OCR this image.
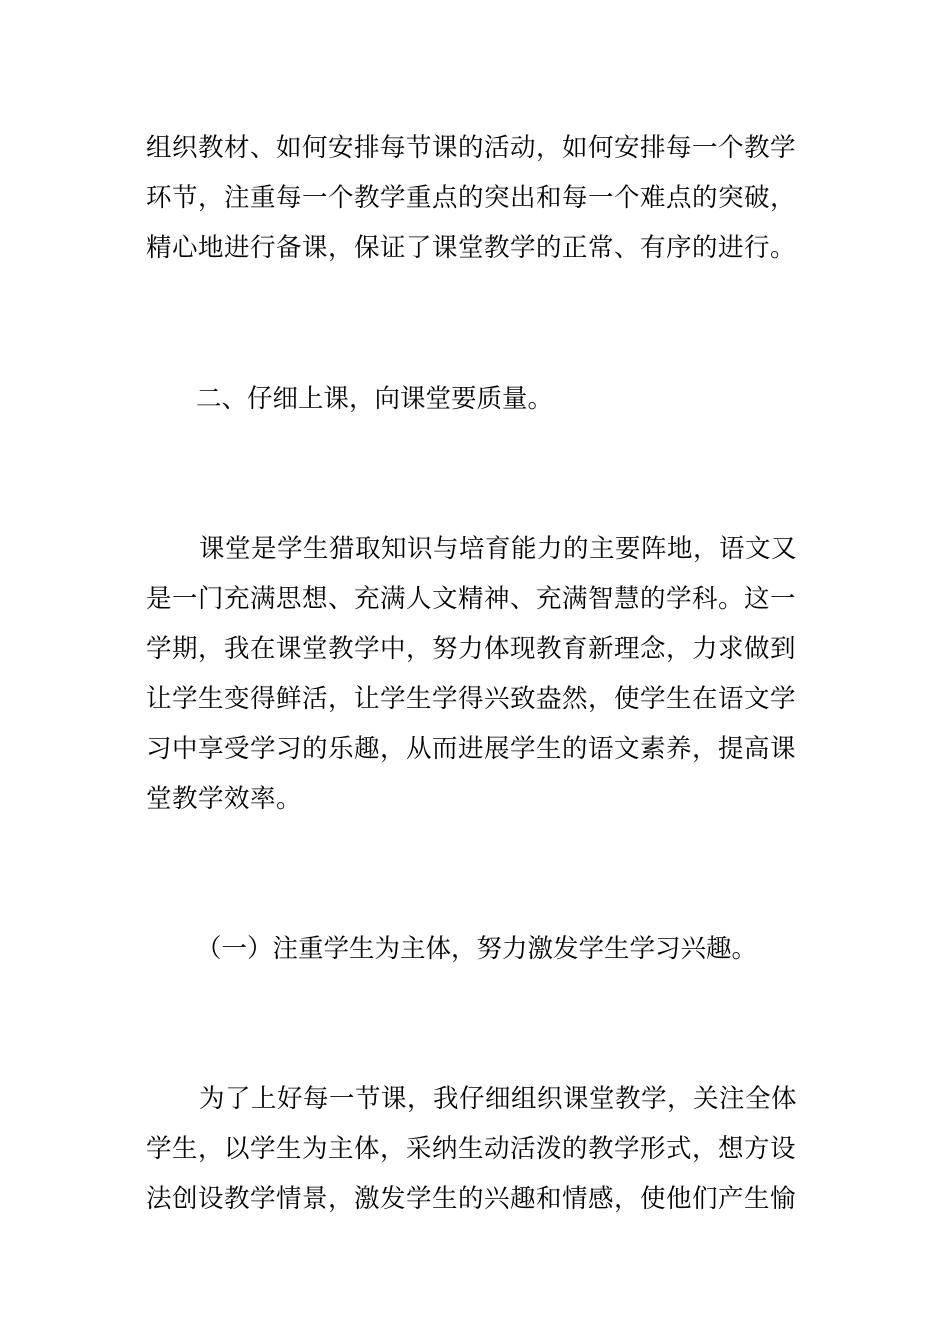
组织教材、如何安排每节课的活动，如何安排每一个教学
环节，注重每一个教学重点的突出和每一个难点的突破，
精心地进行备课，保证了课堂教学的正常、有序的进行。
二、仔细上课，向课堂要质量。
课堂是学生猎取知识与培育能力的主要阵地，语文又
是一门充满思想、充满人文精神、充满智慧的学科。这一
学期，我在课堂教学中，努力体现教育新理念，力求做到
让学生变得鲜活，让学生学得兴致盎然，使学生在语文学
习中享受学习的乐趣，从而进展学生的语文素养，提高课
堂教学效率。
（一）注重学生为主体，努力激发学生学习兴趣。
为了上好每一节课，我仔细组织课堂教学，关注全体
学生，以学生为主体，采纳生动活泼的教学形式，想方设
法创设教学情景，激发学生的兴趣和情感，使他们产生愉
